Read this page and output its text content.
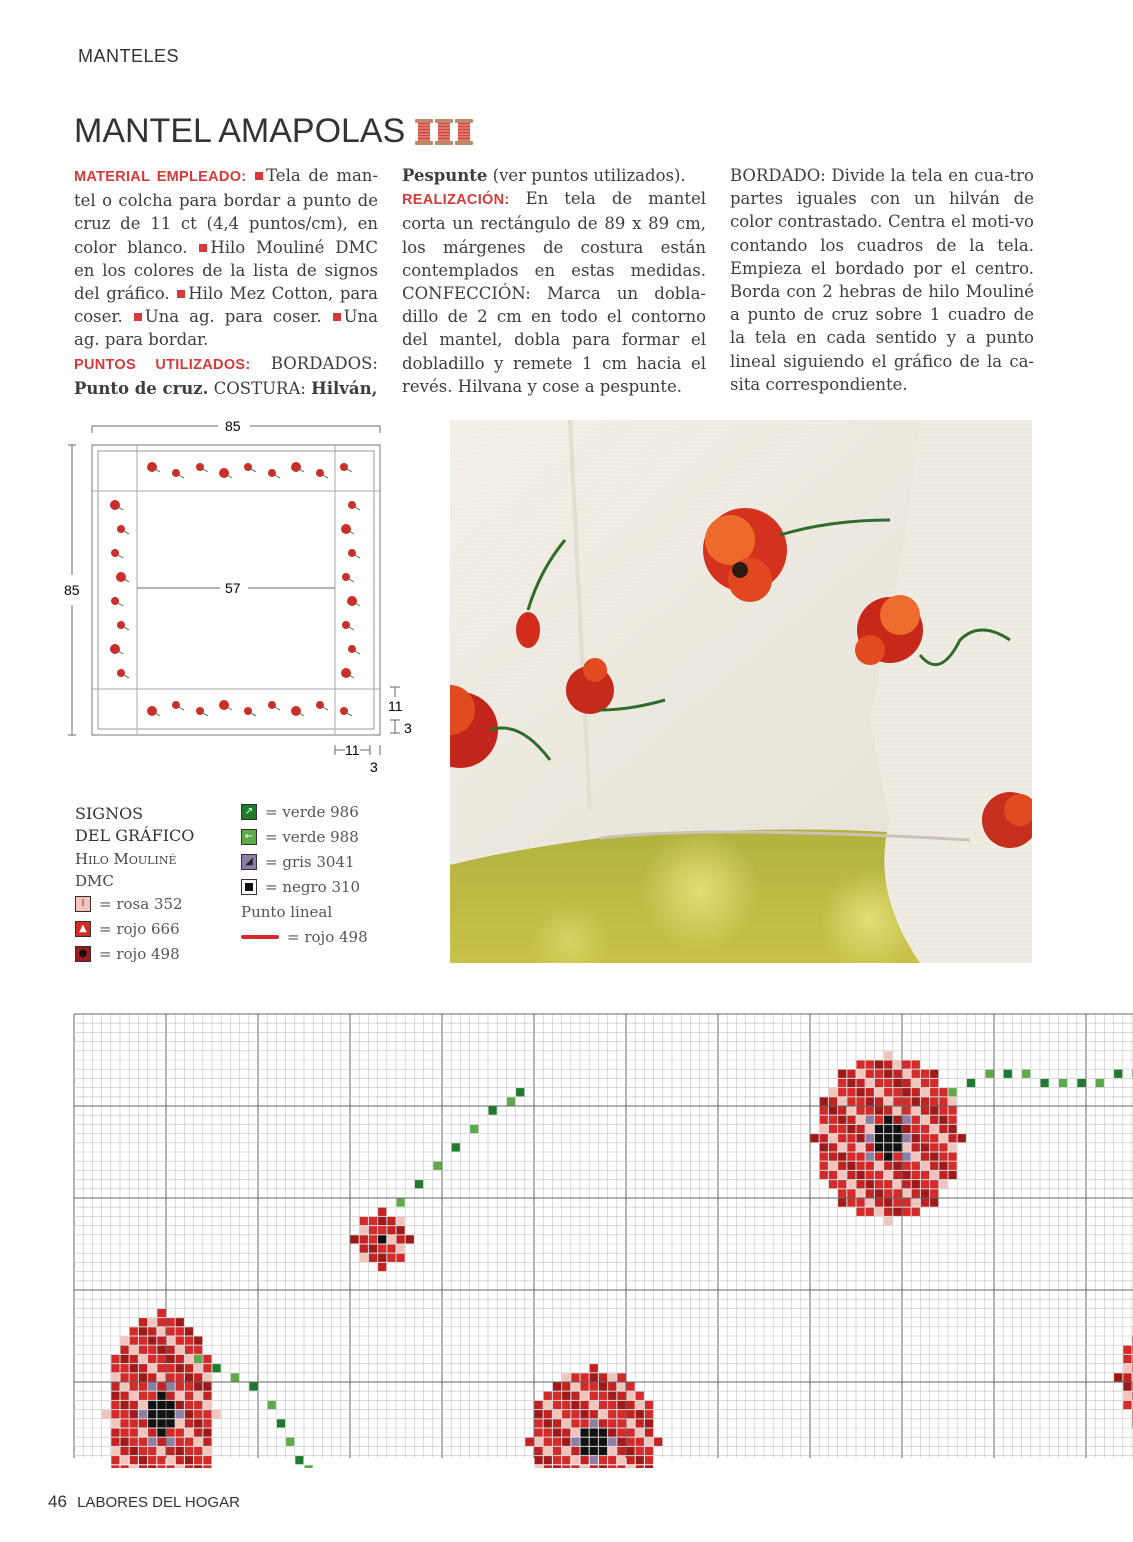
MANTELES
MANTEL AMAPOLAS
MATERIAL EMPLEADO: Tela de man-tel o colcha para bordar a punto de cruz de 11 ct (4,4 puntos/cm), en color blanco. Hilo Mouliné DMC en los colores de la lista de signos del gráfico. Hilo Mez Cotton, para coser. Una ag. para coser. Una ag. para bordar.
PUNTOS UTILIZADOS: BORDADOS: Punto de cruz. COSTURA: Hilván,
Pespunte (ver puntos utilizados).
REALIZACIÓN: En tela de mantel corta un rectángulo de 89 x 89 cm, los márgenes de costura están contemplados en estas medidas. CONFECCIÓN: Marca un dobla-dillo de 2 cm en todo el contorno del mantel, dobla para formar el dobladillo y remete 1 cm hacia el revés. Hilvana y cose a pespunte.
BORDADO: Divide la tela en cua-tro partes iguales con un hilván de color contrastado. Centra el moti-vo contando los cuadros de la tela. Empieza el bordado por el centro. Borda con 2 hebras de hilo Mouliné a punto de cruz sobre 1 cuadro de la tela en cada sentido y a punto lineal siguiendo el gráfico de la ca-sita correspondiente.
85
85	57
11
3
11
3
SIGNOS
DEL GRÁFICO
Hilo Mouliné
DMC
I = rosa 352
▲ = rojo 666
● = rojo 498
↗ = verde 986
← = verde 988
◢ = gris 3041
= negro 310
Punto lineal
= rojo 498
46 LABORES DEL HOGAR
